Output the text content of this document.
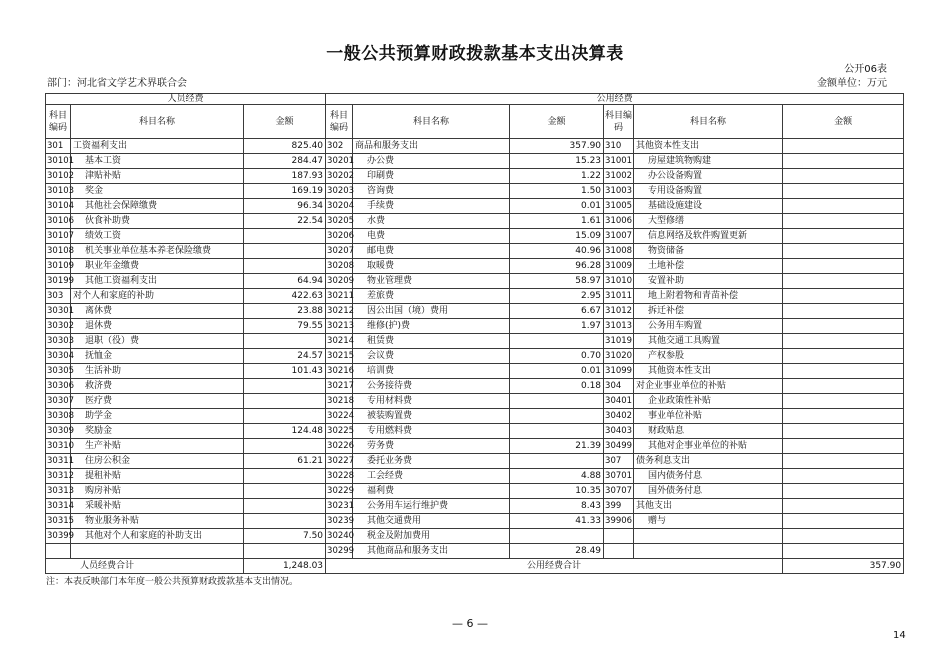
一般公共预算财政拨款基本支出决算表
公开06表
部门：河北省文学艺术界联合会	金额单位：万元
人员经费			公用经费					
科目编码	科目名称	金额	科目编码	科目名称	金额	科目编码	科目名称	金额
301	工资福利支出	825.40	302	商品和服务支出	357.90	310	其他资本性支出	
30101	基本工资	284.47	30201	办公费	15.23	31001	房屋建筑物购建	
30102	津贴补贴	187.93	30202	印刷费	1.22	31002	办公设备购置	
30103	奖金	169.19	30203	咨询费	1.50	31003	专用设备购置	
30104	其他社会保障缴费	96.34	30204	手续费	0.01	31005	基础设施建设	
30106	伙食补助费	22.54	30205	水费	1.61	31006	大型修缮	
30107	绩效工资		30206	电费	15.09	31007	信息网络及软件购置更新	
30108	机关事业单位基本养老保险缴费		30207	邮电费	40.96	31008	物资储备	
30109	职业年金缴费		30208	取暖费	96.28	31009	土地补偿	
30199	其他工资福利支出	64.94	30209	物业管理费	58.97	31010	安置补助	
303	对个人和家庭的补助	422.63	30211	差旅费	2.95	31011	地上附着物和青苗补偿	
30301	离休费	23.88	30212	因公出国（境）费用	6.67	31012	拆迁补偿	
30302	退休费	79.55	30213	维修(护)费	1.97	31013	公务用车购置	
30303	退职（役）费		30214	租赁费		31019	其他交通工具购置	
30304	抚恤金	24.57	30215	会议费	0.70	31020	产权参股	
30305	生活补助	101.43	30216	培训费	0.01	31099	其他资本性支出	
30306	救济费		30217	公务接待费	0.18	304	对企业事业单位的补贴	
30307	医疗费		30218	专用材料费		30401	企业政策性补贴	
30308	助学金		30224	被装购置费		30402	事业单位补贴	
30309	奖励金	124.48	30225	专用燃料费		30403	财政贴息	
30310	生产补贴		30226	劳务费	21.39	30499	其他对企事业单位的补贴	
30311	住房公积金	61.21	30227	委托业务费		307	债务利息支出	
30312	提租补贴		30228	工会经费	4.88	30701	国内债务付息	
30313	购房补贴		30229	福利费	10.35	30707	国外债务付息	
30314	采暖补贴		30231	公务用车运行维护费	8.43	399	其他支出	
30315	物业服务补贴		30239	其他交通费用	41.33	39906	赠与	
30399	其他对个人和家庭的补助支出	7.50	30240	税金及附加费用				
			30299	其他商品和服务支出	28.49			
人员经费合计		1,248.03	公用经费合计					357.90
注：本表反映部门本年度一般公共预算财政拨款基本支出情况。
— 6 —
14
